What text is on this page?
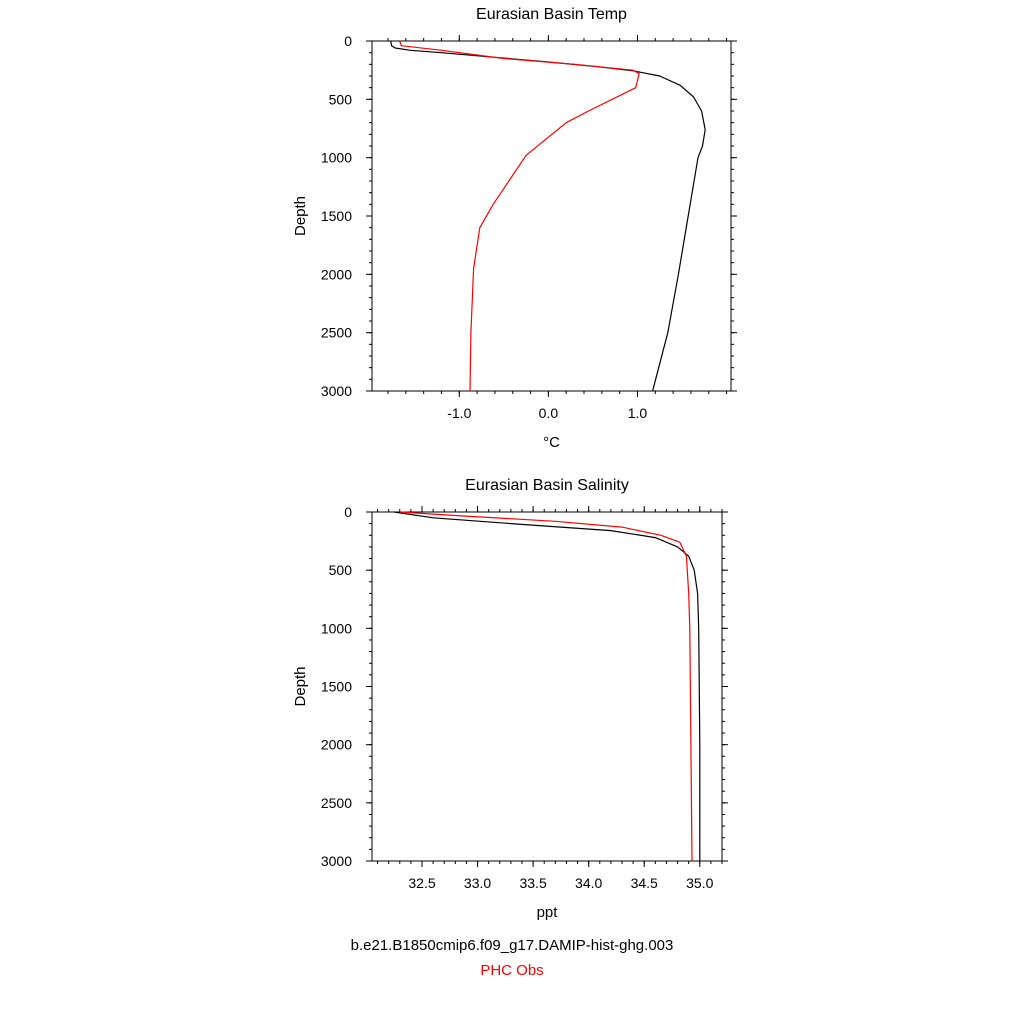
Eurasian Basin Temp
-1.0	0.0	1.0
0
500
1000
1500
2000
2500
3000
°C
Depth
Eurasian Basin Salinity
32.5 33.0 33.5 34.0 34.5 35.0
0
500
1000
1500
2000
2500
3000
ppt
Depth
b.e21.B1850cmip6.f09_g17.DAMIP-hist-ghg.003
PHC Obs
